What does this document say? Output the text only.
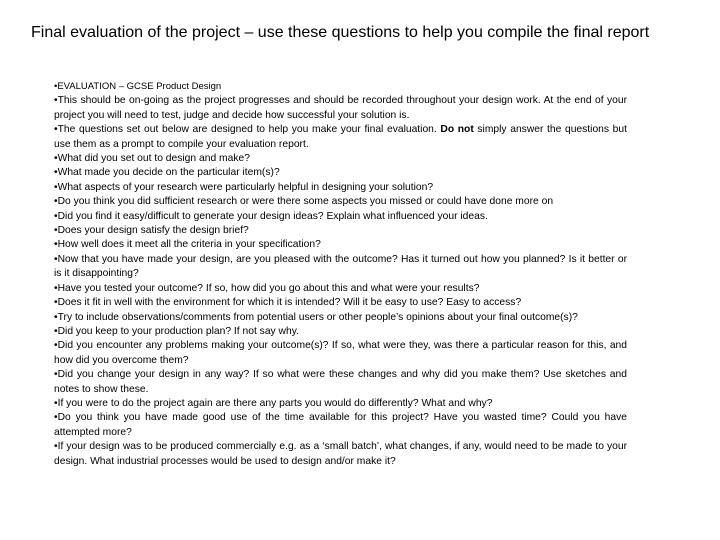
Final evaluation of the project – use these questions to help you compile the final report

•EVALUATION – GCSE Product Design

•This should be on-going as the project progresses and should be recorded throughout your design work. At the end of your project you will need to test, judge and decide how successful your solution is.

•The questions set out below are designed to help you make your final evaluation. Do not simply answer the questions but use them as a prompt to compile your evaluation report.

•What did you set out to design and make?

•What made you decide on the particular item(s)?

•What aspects of your research were particularly helpful in designing your solution?

•Do you think you did sufficient research or were there some aspects you missed or could have done more on

•Did you find it easy/difficult to generate your design ideas? Explain what influenced your ideas.

•Does your design satisfy the design brief?

•How well does it meet all the criteria in your specification?

•Now that you have made your design, are you pleased with the outcome? Has it turned out how you planned? Is it better or is it disappointing?

•Have you tested your outcome? If so, how did you go about this and what were your results?

•Does it fit in well with the environment for which it is intended? Will it be easy to use? Easy to access?

•Try to include observations/comments from potential users or other people’s opinions about your final outcome(s)?

•Did you keep to your production plan? If not say why.

•Did you encounter any problems making your outcome(s)? If so, what were they, was there a particular reason for this, and how did you overcome them?

•Did you change your design in any way? If so what were these changes and why did you make them? Use sketches and notes to show these.

•If you were to do the project again are there any parts you would do differently? What and why?

•Do you think you have made good use of the time available for this project? Have you wasted time? Could you have attempted more?

•If your design was to be produced commercially e.g. as a ‘small batch’, what changes, if any, would need to be made to your design. What industrial processes would be used to design and/or make it?
